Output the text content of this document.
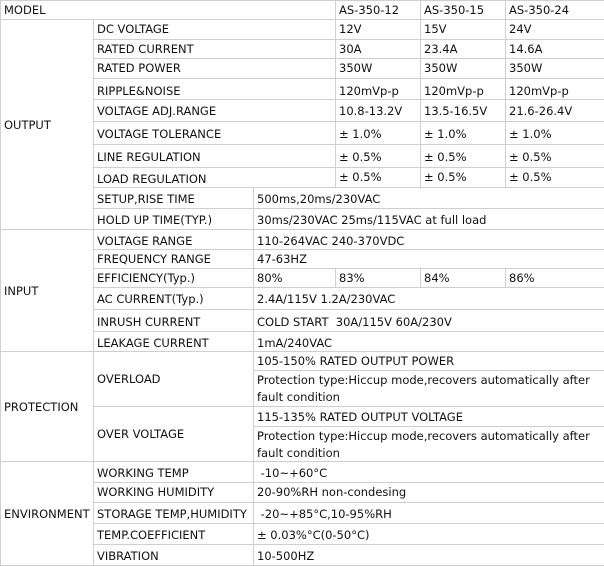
MODEL	AS-350-12	AS-350-15	AS-350-24
OUTPUT
DC VOLTAGE	12V	15V	24V
RATED CURRENT	30A	23.4A	14.6A
RATED POWER	350W	350W	350W
RIPPLE&NOISE	120mVp-p	120mVp-p	120mVp-p
VOLTAGE ADJ.RANGE	10.8-13.2V	13.5-16.5V	21.6-26.4V
VOLTAGE TOLERANCE	± 1.0%	± 1.0%	± 1.0%
LINE REGULATION	± 0.5%	± 0.5%	± 0.5%
LOAD REGULATION	± 0.5%	± 0.5%	± 0.5%
SETUP,RISE TIME	500ms,20ms/230VAC
HOLD UP TIME(TYP.)	30ms/230VAC 25ms/115VAC at full load
INPUT
VOLTAGE RANGE	110-264VAC 240-370VDC
FREQUENCY RANGE	47-63HZ
EFFICIENCY(Typ.)	80%	83%	84%	86%
AC CURRENT(Typ.)	2.4A/115V 1.2A/230VAC
INRUSH CURRENT	COLD START  30A/115V 60A/230V
LEAKAGE CURRENT	1mA/240VAC
PROTECTION
OVERLOAD
105-150% RATED OUTPUT POWER
Protection type:Hiccup mode,recovers automatically after fault condition
OVER VOLTAGE
115-135% RATED OUTPUT VOLTAGE
Protection type:Hiccup mode,recovers automatically after fault condition
ENVIRONMENT
WORKING TEMP	-10~+60°C
WORKING HUMIDITY	20-90%RH non-condesing
STORAGE TEMP,HUMIDITY -20~+85°C,10-95%RH
TEMP.COEFFICIENT	± 0.03%°C(0-50°C)
VIBRATION	10-500HZ
